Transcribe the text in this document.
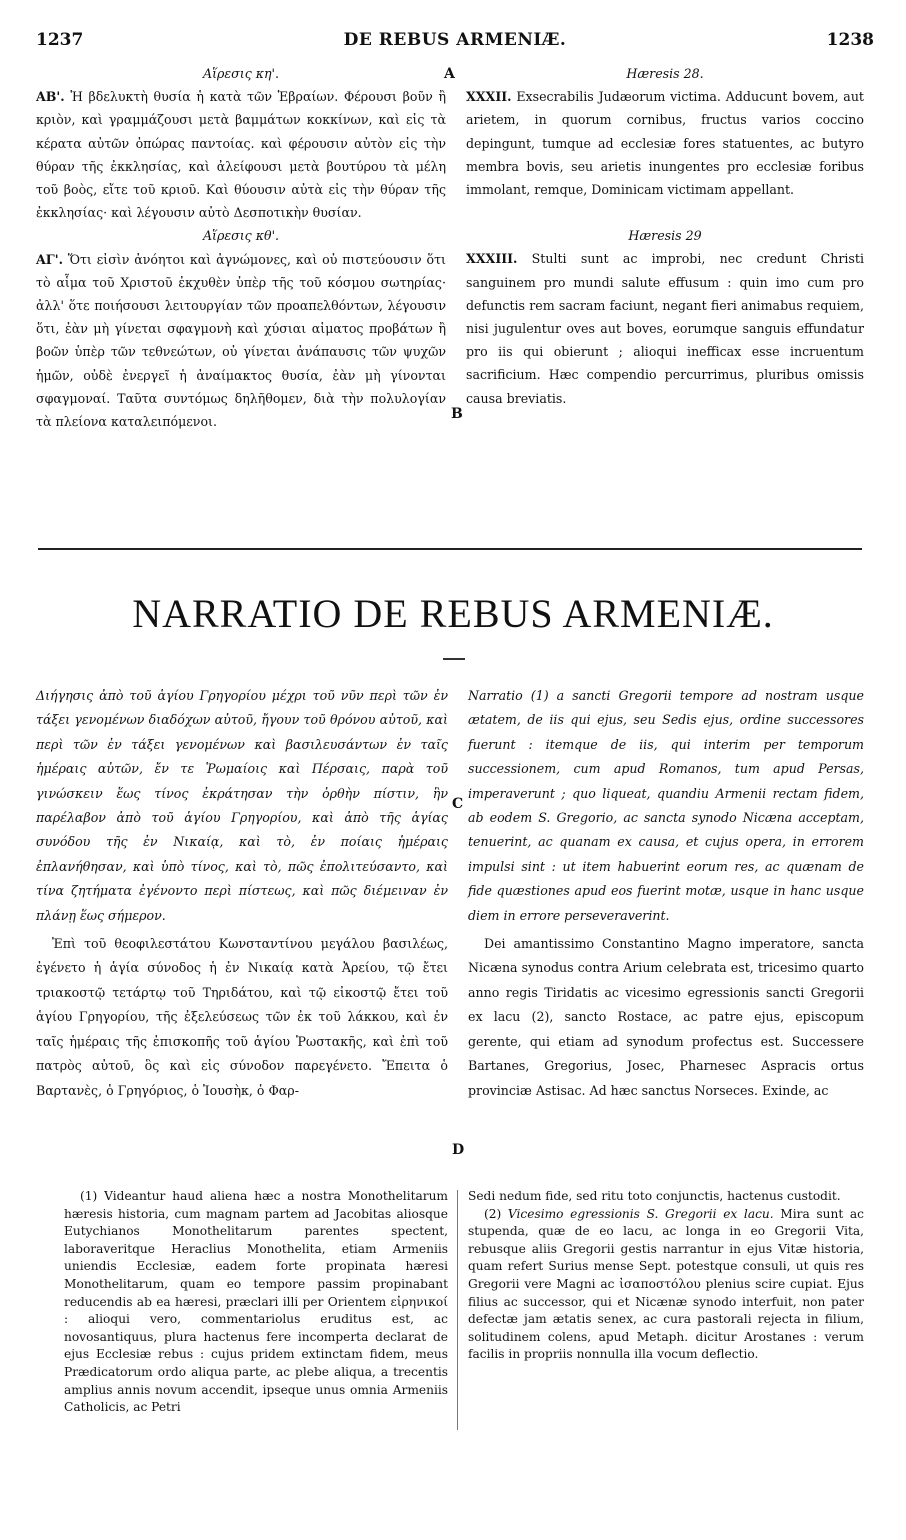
1237	DE REBUS ARMENIÆ.	1238

Αἵρεσις κη'.

ΑΒ'. Ἡ βδελυκτὴ θυσία ἡ κατὰ τῶν Ἑβραίων. Φέρουσι βοῦν ἢ κριὸν, καὶ γραμμάζουσι μετὰ βαμμάτων κοκκίνων, καὶ εἰς τὰ κέρατα αὐτῶν ὀπώρας παντοίας. καὶ φέρουσιν αὐτὸν εἰς τὴν θύραν τῆς ἐκκλησίας, καὶ ἀλείφουσι μετὰ βουτύρου τὰ μέλη τοῦ βοὸς, εἴτε τοῦ κριοῦ. Καὶ θύουσιν αὐτὰ εἰς τὴν θύραν τῆς ἐκκλησίας· καὶ λέγουσιν αὐτὸ Δεσποτικὴν θυσίαν.

Αἵρεσις κθ'.

ΑΓ'. Ὅτι εἰσὶν ἀνόητοι καὶ ἀγνώμονες, καὶ οὐ πιστεύουσιν ὅτι τὸ αἷμα τοῦ Χριστοῦ ἐκχυθὲν ὑπὲρ τῆς τοῦ κόσμου σωτηρίας· ἀλλ' ὅτε ποιήσουσι λειτουργίαν τῶν προαπελθόντων, λέγουσιν ὅτι, ἐὰν μὴ γίνεται σφαγμονὴ καὶ χύσιαι αἱματος προβάτων ἢ βοῶν ὑπὲρ τῶν τεθνεώτων, οὐ γίνεται ἀνάπαυσις τῶν ψυχῶν ἡμῶν, οὐδὲ ἐνεργεῖ ἡ ἀναίμακτος θυσία, ἐὰν μὴ γίνονται σφαγμοναί. Ταῦτα συντόμως δηλῆθομεν, διὰ τὴν πολυλογίαν τὰ πλείονα καταλειπόμενοι.

A
B

Hæresis 28.

XXXII. Exsecrabilis Judæorum victima. Adducunt bovem, aut arietem, in quorum cornibus, fructus varios coccino depingunt, tumque ad ecclesiæ fores statuentes, ac butyro membra bovis, seu arietis inungentes pro ecclesiæ foribus immolant, remque, Dominicam victimam appellant.

Hæresis 29

XXXIII. Stulti sunt ac improbi, nec credunt Christi sanguinem pro mundi salute effusum : quin imo cum pro defunctis rem sacram faciunt, negant fieri animabus requiem, nisi jugulentur oves aut boves, eorumque sanguis effundatur pro iis qui obierunt ; alioqui inefficax esse incruentum sacrificium. Hæc compendio percurrimus, pluribus omissis causa breviatis.

NARRATIO DE REBUS ARMENIÆ.

Διήγησις ἀπὸ τοῦ ἁγίου Γρηγορίου μέχρι τοῦ νῦν περὶ τῶν ἐν τάξει γενομένων διαδόχων αὐτοῦ, ἤγουν τοῦ θρόνου αὐτοῦ, καὶ περὶ τῶν ἐν τάξει γενομένων καὶ βασιλευσάντων ἐν ταῖς ἡμέραις αὐτῶν, ἔν τε Ῥωμαίοις καὶ Πέρσαις, παρὰ τοῦ γινώσκειν ἕως τίνος ἐκράτησαν τὴν ὀρθὴν πίστιν, ἣν παρέλαβον ἀπὸ τοῦ ἁγίου Γρηγορίου, καὶ ἀπὸ τῆς ἁγίας συνόδου τῆς ἐν Νικαίᾳ, καὶ τὸ, ἐν ποίαις ἡμέραις ἐπλανήθησαν, καὶ ὑπὸ τίνος, καὶ τὸ, πῶς ἐπολιτεύσαντο, καὶ τίνα ζητήματα ἐγένοντο περὶ πίστεως, καὶ πῶς διέμειναν ἐν πλάνῃ ἕως σήμερον.

Ἐπὶ τοῦ θεοφιλεστάτου Κωνσταντίνου μεγάλου βασιλέως, ἐγένετο ἡ ἁγία σύνοδος ἡ ἐν Νικαίᾳ κατὰ Ἀρείου, τῷ ἔτει τριακοστῷ τετάρτῳ τοῦ Τηριδάτου, καὶ τῷ εἰκοστῷ ἔτει τοῦ ἁγίου Γρηγορίου, τῆς ἐξελεύσεως τῶν ἐκ τοῦ λάκκου, καὶ ἐν ταῖς ἡμέραις τῆς ἐπισκοπῆς τοῦ ἁγίου Ῥωστακῆς, καὶ ἐπὶ τοῦ πατρὸς αὐτοῦ, ὃς καὶ εἰς σύνοδον παρεγένετο. Ἔπειτα ὁ Βαρτανὲς, ὁ Γρηγόριος, ὁ Ἰουσὴκ, ὁ Φαρ-

C
D

Narratio (1) a sancti Gregorii tempore ad nostram usque ætatem, de iis qui ejus, seu Sedis ejus, ordine successores fuerunt : itemque de iis, qui interim per temporum successionem, cum apud Romanos, tum apud Persas, imperaverunt ; quo liqueat, quandiu Armenii rectam fidem, ab eodem S. Gregorio, ac sancta synodo Nicæna acceptam, tenuerint, ac quanam ex causa, et cujus opera, in errorem impulsi sint : ut item habuerint eorum res, ac quænam de fide quæstiones apud eos fuerint motæ, usque in hanc usque diem in errore perseveraverint.

Dei amantissimo Constantino Magno imperatore, sancta Nicæna synodus contra Arium celebrata est, tricesimo quarto anno regis Tiridatis ac vicesimo egressionis sancti Gregorii ex lacu (2), sancto Rostace, ac patre ejus, episcopum gerente, qui etiam ad synodum profectus est. Successere Bartanes, Gregorius, Josec, Pharnesec Aspracis ortus provinciæ Astisac. Ad hæc sanctus Norseces. Exinde, ac

(1) Videantur haud aliena hæc a nostra Monothelitarum hæresis historia, cum magnam partem ad Jacobitas aliosque Eutychianos Monothelitarum parentes spectent, laboraveritque Heraclius Monothelita, etiam Armeniis uniendis Ecclesiæ, eadem forte propinata hæresi Monothelitarum, quam eo tempore passim propinabant reducendis ab ea hæresi, præclari illi per Orientem εἰρηνικοί : alioqui vero, commentariolus eruditus est, ac novosantiquus, plura hactenus fere incomperta declarat de ejus Ecclesiæ rebus : cujus pridem extinctam fidem, meus Prædicatorum ordo aliqua parte, ac plebe aliqua, a trecentis amplius annis novum accendit, ipseque unus omnia Armeniis Catholicis, ac Petri

Sedi nedum fide, sed ritu toto conjunctis, hactenus custodit.

(2) Vicesimo egressionis S. Gregorii ex lacu. Mira sunt ac stupenda, quæ de eo lacu, ac longa in eo Gregorii Vita, rebusque aliis Gregorii gestis narrantur in ejus Vitæ historia, quam refert Surius mense Sept. potestque consuli, ut quis res Gregorii vere Magni ac ἰσαποστόλου plenius scire cupiat. Ejus filius ac successor, qui et Nicænæ synodo interfuit, non pater defectæ jam ætatis senex, ac cura pastorali rejecta in filium, solitudinem colens, apud Metaph. dicitur Arostanes : verum facilis in propriis nonnulla illa vocum deflectio.
